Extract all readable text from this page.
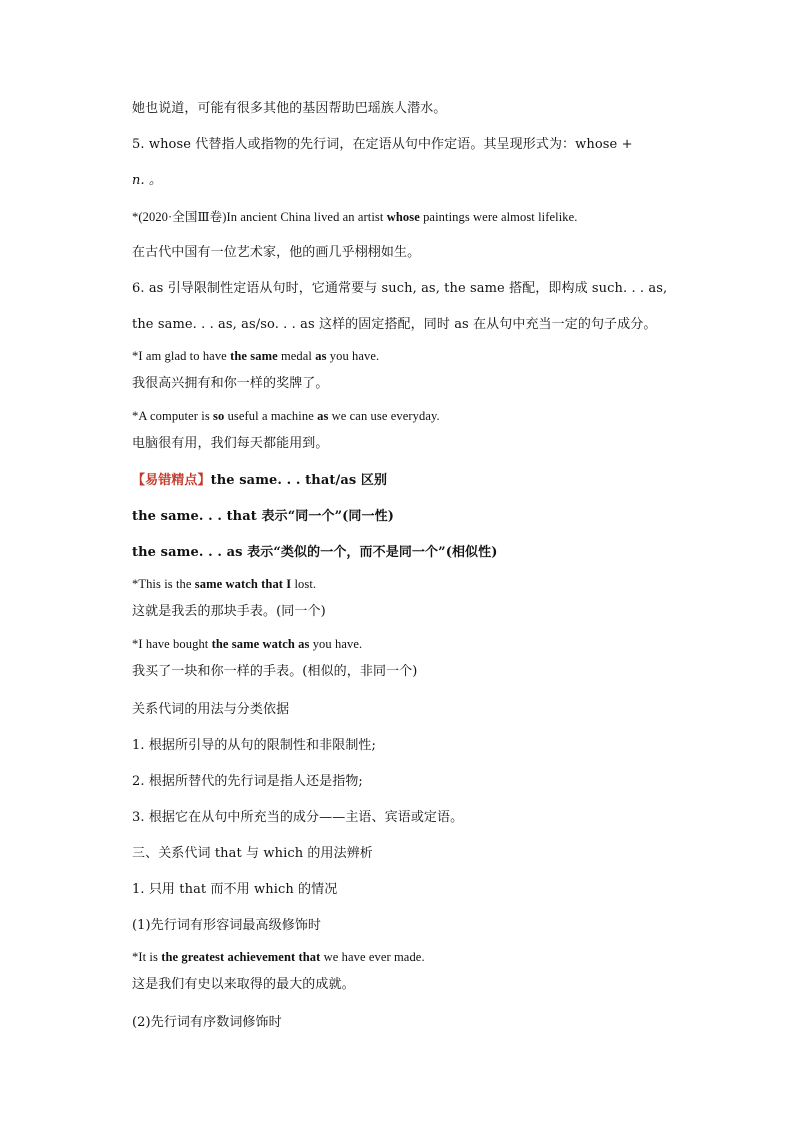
她也说道，可能有很多其他的基因帮助巴瑶族人潜水。
5. whose 代替指人或指物的先行词，在定语从句中作定语。其呈现形式为：whose +
n. 。
*(2020·全国Ⅲ卷)In ancient China lived an artist whose paintings were almost lifelike.
在古代中国有一位艺术家，他的画几乎栩栩如生。
6. as 引导限制性定语从句时，它通常要与 such, as, the same 搭配，即构成 such. . . as,
the same. . . as, as/so. . . as 这样的固定搭配，同时 as 在从句中充当一定的句子成分。
*I am glad to have the same medal as you have.
我很高兴拥有和你一样的奖牌了。
*A computer is so useful a machine as we can use everyday.
电脑很有用，我们每天都能用到。
【易错精点】the same. . . that/as 区别
the same. . . that 表示“同一个”(同一性)
the same. . . as 表示“类似的一个，而不是同一个”(相似性)
*This is the same watch that I lost.
这就是我丢的那块手表。(同一个)
*I have bought the same watch as you have.
我买了一块和你一样的手表。(相似的，非同一个)
关系代词的用法与分类依据
1. 根据所引导的从句的限制性和非限制性;
2. 根据所替代的先行词是指人还是指物;
3. 根据它在从句中所充当的成分——主语、宾语或定语。
三、关系代词 that 与 which 的用法辨析
1. 只用 that 而不用 which 的情况
(1)先行词有形容词最高级修饰时
*It is the greatest achievement that we have ever made.
这是我们有史以来取得的最大的成就。
(2)先行词有序数词修饰时
